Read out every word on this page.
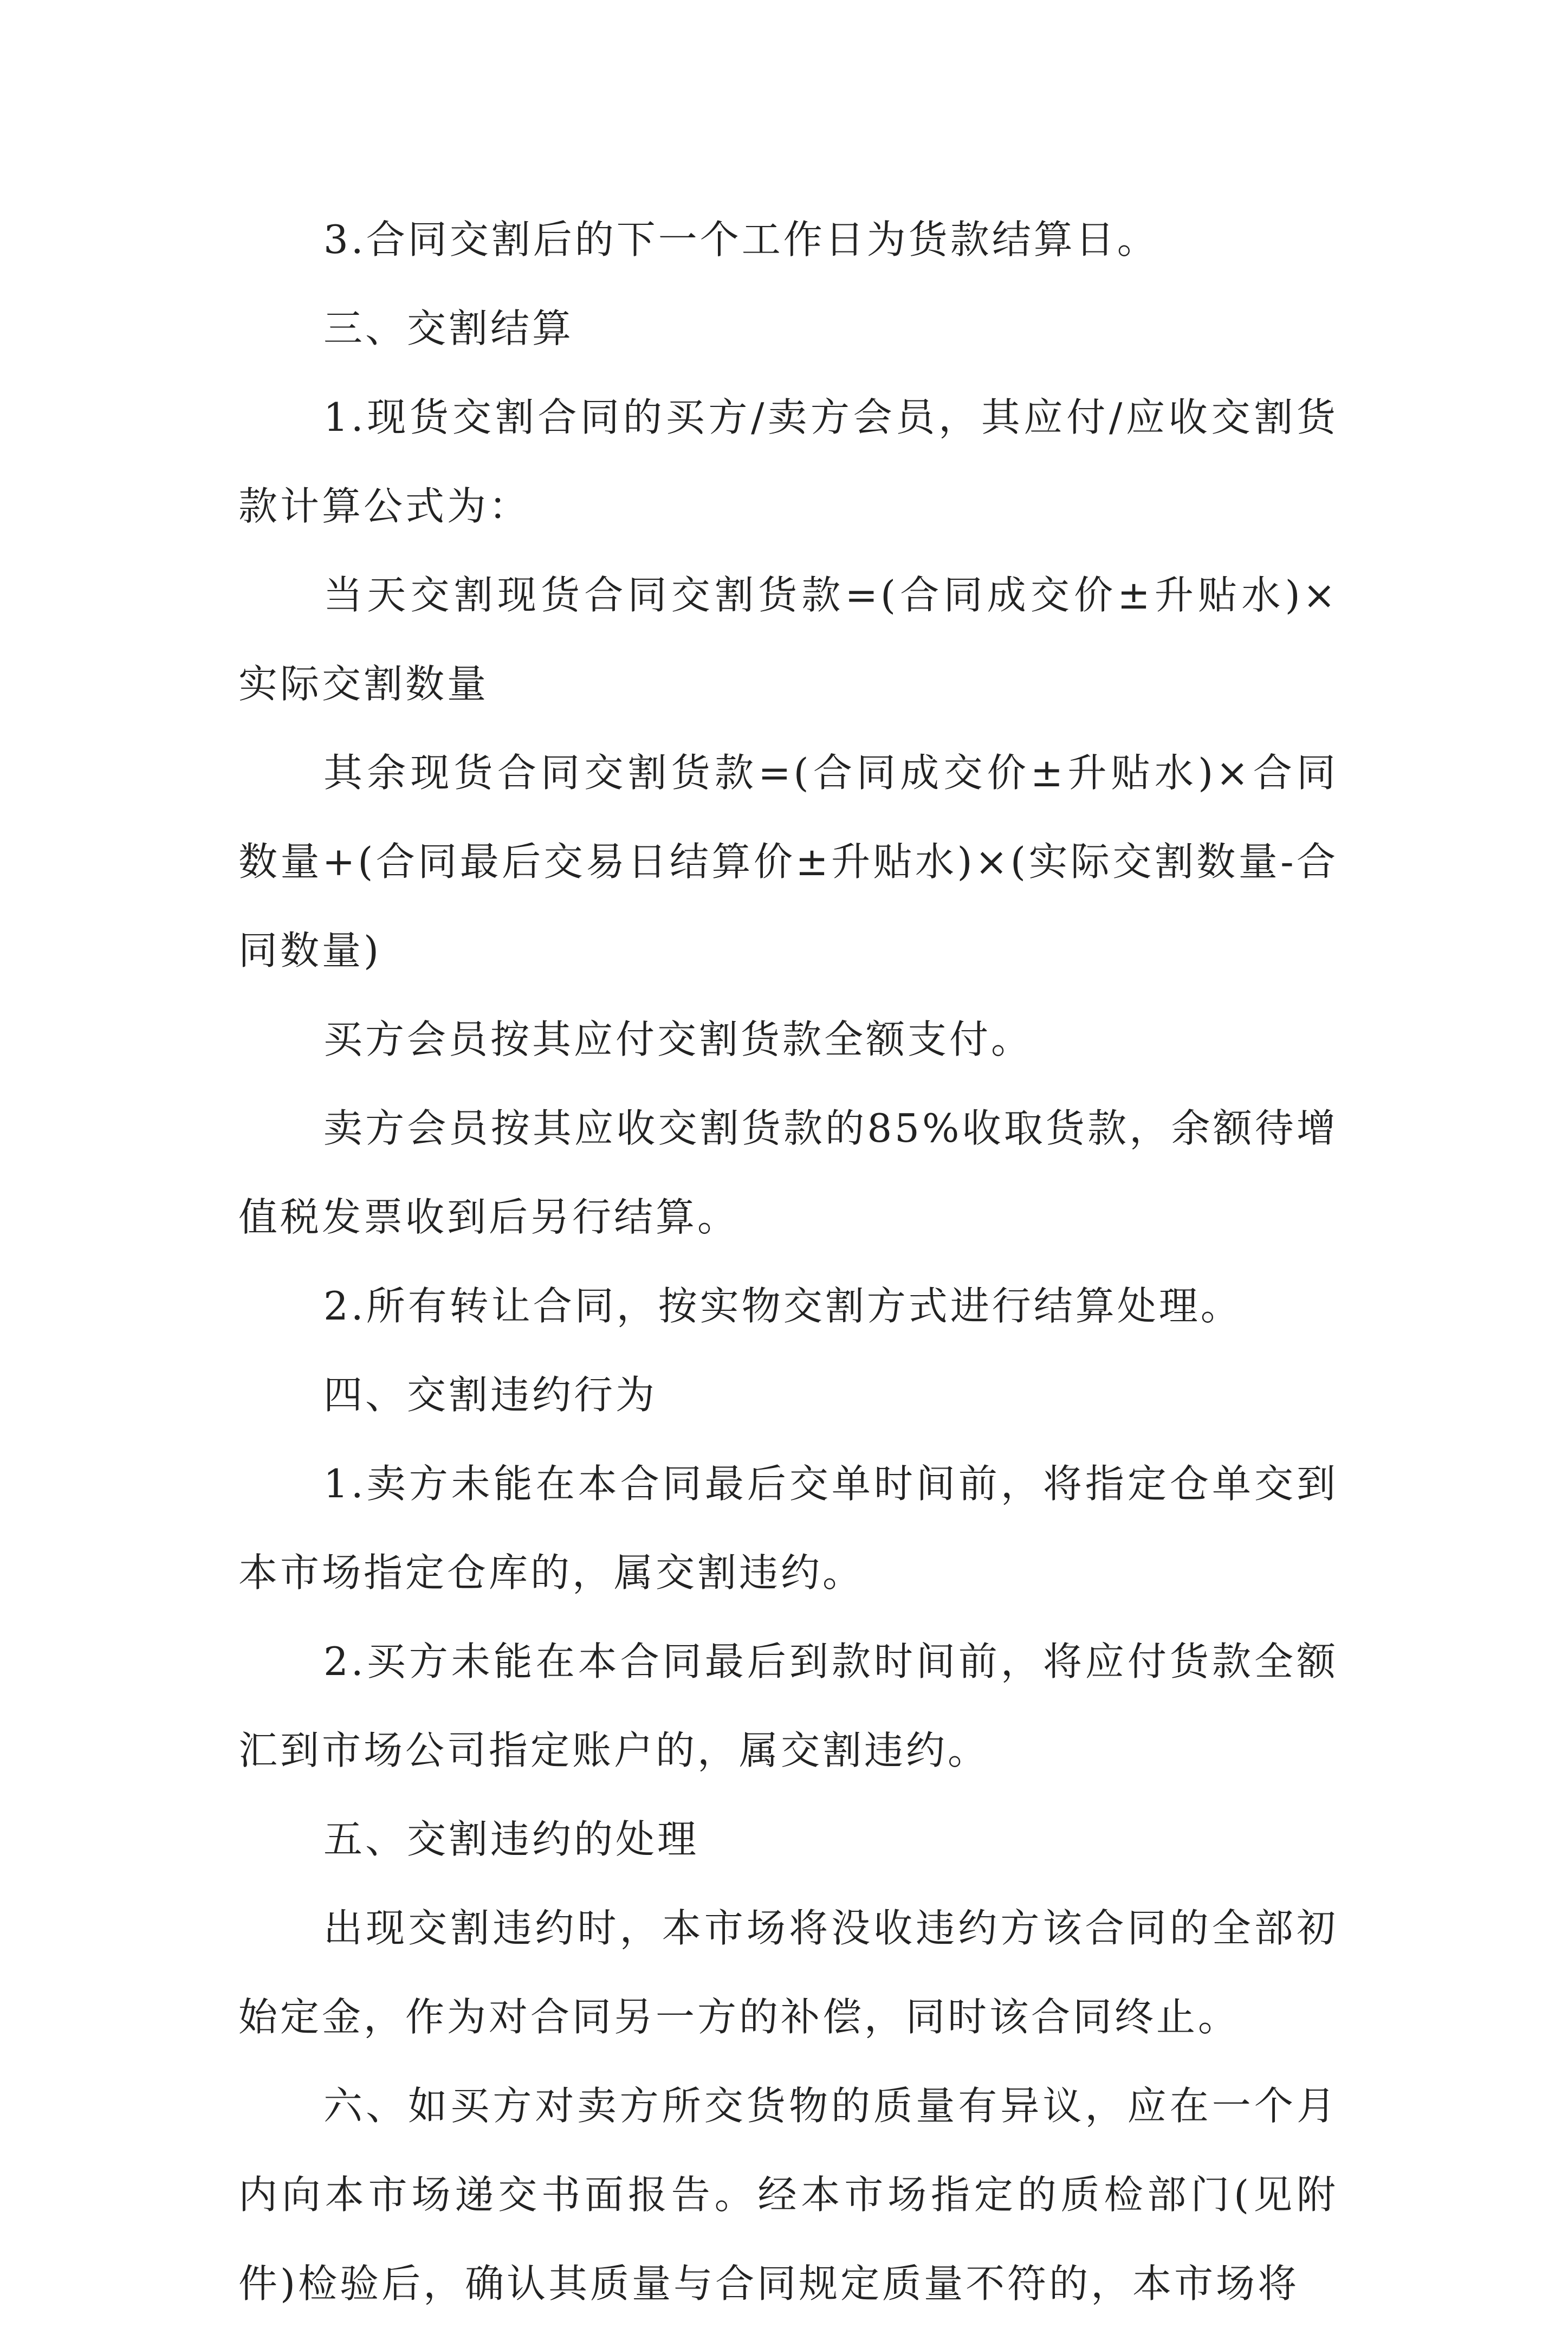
3.合同交割后的下一个工作日为货款结算日。

三、交割结算

1.现货交割合同的买方/卖方会员，其应付/应收交割货款计算公式为：

当天交割现货合同交割货款=(合同成交价±升贴水)×实际交割数量

其余现货合同交割货款=(合同成交价±升贴水)×合同数量+(合同最后交易日结算价±升贴水)×(实际交割数量-合同数量)

买方会员按其应付交割货款全额支付。

卖方会员按其应收交割货款的85%收取货款，余额待增值税发票收到后另行结算。

2.所有转让合同，按实物交割方式进行结算处理。

四、交割违约行为

1.卖方未能在本合同最后交单时间前，将指定仓单交到本市场指定仓库的，属交割违约。

2.买方未能在本合同最后到款时间前，将应付货款全额汇到市场公司指定账户的，属交割违约。

五、交割违约的处理

出现交割违约时，本市场将没收违约方该合同的全部初始定金，作为对合同另一方的补偿，同时该合同终止。

六、如买方对卖方所交货物的质量有异议，应在一个月内向本市场递交书面报告。经本市场指定的质检部门(见附件)检验后，确认其质量与合同规定质量不符的，本市场将
